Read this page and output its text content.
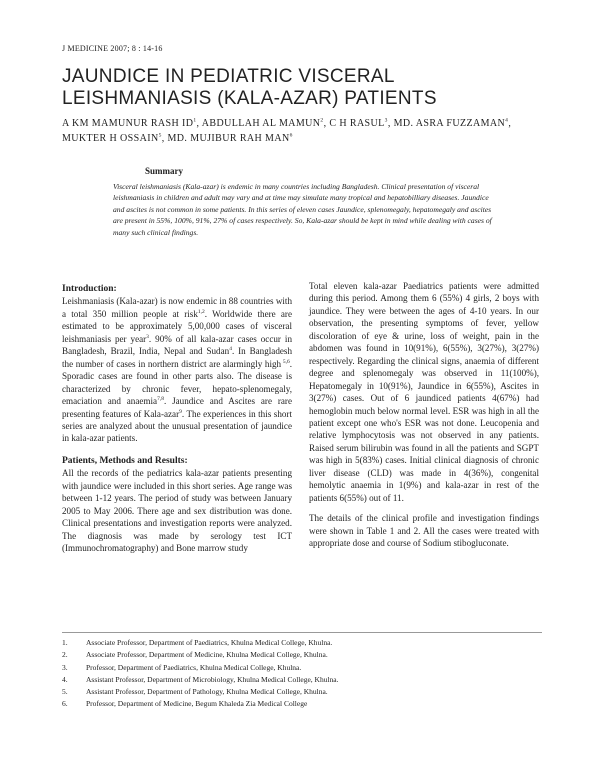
J MEDICINE 2007; 8 : 14-16
JAUNDICE IN PEDIATRIC VISCERAL
LEISHMANIASIS (KALA-AZAR) PATIENTS
A KM MAMUNUR RASH $ID^1$, ABDULLAH AL MAMUN$^2$, C H RASUL$^3$, MD. ASRA FUZZAMAN$^4$, MUKTER H OSSAIN$^5$, MD. MUJIBUR RAH MAN$^6$
Summary
Visceral leishmaniasis (Kala-azar) is endemic in many countries including Bangladesh. Clinical presentation of visceral leishmaniasis in children and adult may vary and at time may simulate many tropical and hepatobilliary diseases. Jaundice and ascites is not common in some patients. In this series of eleven cases Jaundice, splenomegaly, hepatomegaly and ascites are present in 55%, 100%, 91%, 27% of cases respectively. So, Kala-azar should be kept in mind while dealing with cases of many such clinical findings.
Introduction:

Leishmaniasis (Kala-azar) is now endemic in 88 countries with a total 350 million people at risk$^{1,2}$. Worldwide there are estimated to be approximately 5,00,000 cases of visceral leishmaniasis per year$^3$. 90% of all kala-azar cases occur in Bangladesh, Brazil, India, Nepal and Sudan$^4$. In Bangladesh the number of cases in northern district are alarmingly high $^{5,6}$. Sporadic cases are found in other parts also. The disease is characterized by chronic fever, hepato-splenomegaly, emaciation and anaemia$^{7,8}$. Jaundice and Ascites are rare presenting features of Kala-azar$^9$. The experiences in this short series are analyzed about the unusual presentation of jaundice in kala-azar patients.

Patients, Methods and Results:

All the records of the pediatrics kala-azar patients presenting with jaundice were included in this short series. Age range was between 1-12 years. The period of study was between January 2005 to May 2006. There age and sex distribution was done. Clinical presentations and investigation reports were analyzed. The diagnosis was made by serology test ICT (Immunochromatography) and Bone marrow study

Total eleven kala-azar Paediatrics patients were admitted during this period. Among them 6 (55%) 4 girls, 2 boys with jaundice. They were between the ages of 4-10 years. In our observation, the presenting symptoms of fever, yellow discoloration of eye & urine, loss of weight, pain in the abdomen was found in 10(91%), 6(55%), 3(27%), 3(27%) respectively. Regarding the clinical signs, anaemia of different degree and splenomegaly was observed in 11(100%), Hepatomegaly in 10(91%), Jaundice in 6(55%), Ascites in 3(27%) cases. Out of 6 jaundiced patients 4(67%) had hemoglobin much below normal level. ESR was high in all the patient except one who's ESR was not done. Leucopenia and relative lymphocytosis was not observed in any patients. Raised serum bilirubin was found in all the patients and SGPT was high in 5(83%) cases. Initial clinical diagnosis of chronic liver disease (CLD) was made in 4(36%), congenital hemolytic anaemia in 1(9%) and kala-azar in rest of the patients 6(55%) out of 11.

The details of the clinical profile and investigation findings were shown in Table 1 and 2. All the cases were treated with appropriate dose and course of Sodium stibogluconate.

1.	Associate Professor, Department of Paediatrics, Khulna Medical College, Khulna.
2.	Associate Professor, Department of Medicine, Khulna Medical College, Khulna.
3.	Professor, Department of Paediatrics, Khulna Medical College, Khulna.
4.	Assistant Professor, Department of Microbiology, Khulna Medical College, Khulna.
5.	Assistant Professor, Department of Pathology, Khulna Medical College, Khulna.
6.	Professor, Department of Medicine, Begum Khaleda Zia Medical College
